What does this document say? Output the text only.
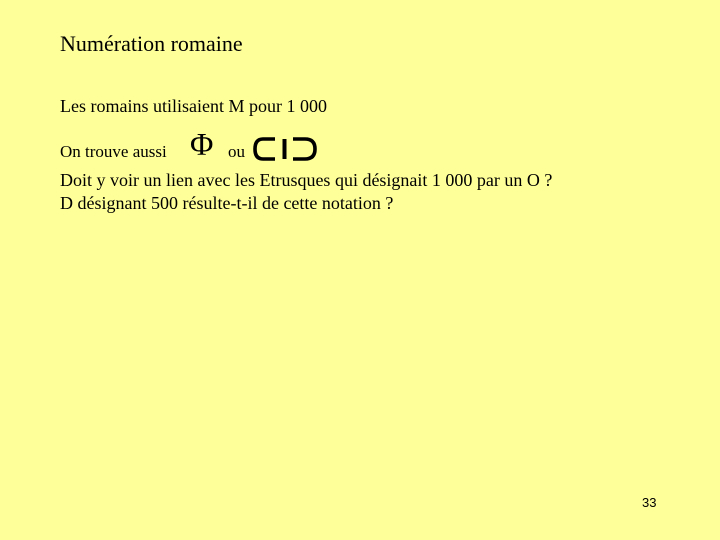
Numération romaine
Les romains utilisaient M pour 1 000
On trouve aussi Φ ou
Doit y voir un lien avec les Etrusques qui désignait 1 000 par un O ?
D désignant 500 résulte-t-il de cette notation ?
33
